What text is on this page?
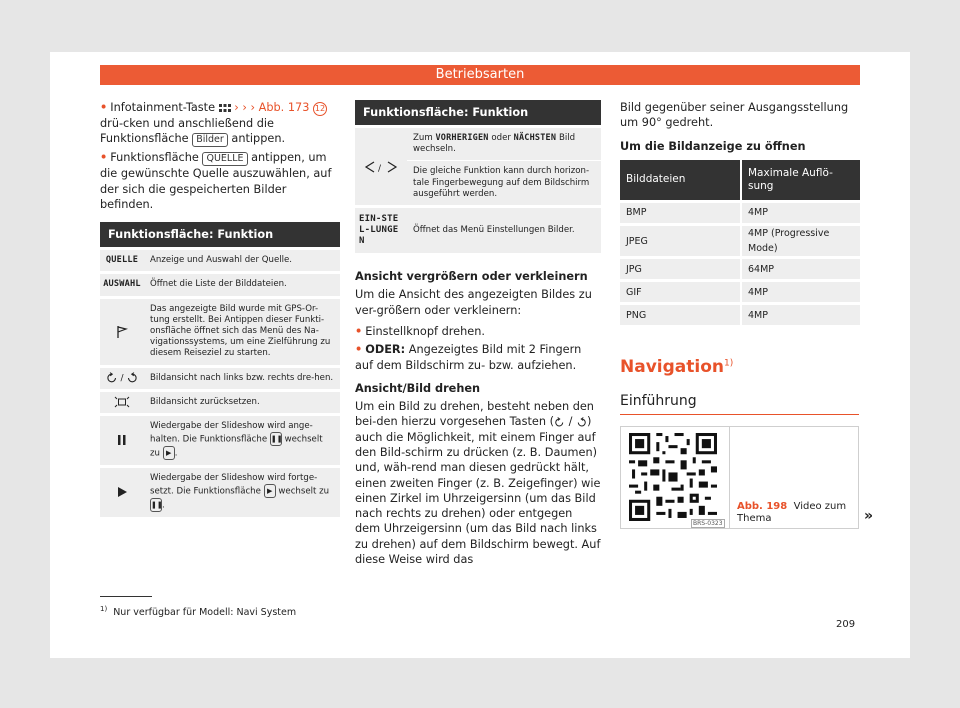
Betriebsarten

• Infotainment-Taste › › › Abb. 173 12 drü-cken und anschließend die Funktionsfläche Bilder antippen.

• Funktionsfläche QUELLE antippen, um die gewünschte Quelle auszuwählen, auf der sich die gespeicherten Bilder befinden.

Funktionsfläche: Funktion	
QUELLE	Anzeige und Auswahl der Quelle.
AUSWAHL	Öffnet die Liste der Bilddateien.
	Das angezeigte Bild wurde mit GPS-Or-tung erstellt. Bei Antippen dieser Funkti-onsfläche öffnet sich das Menü des Na-vigationssystems, um eine Zielführung zu diesem Reiseziel zu starten.
/	Bildansicht nach links bzw. rechts dre-hen.
	Bildansicht zurücksetzen.
	Wiedergabe der Slideshow wird ange-halten. Die Funktionsfläche ❚❚ wechselt zu ▶ .
	Wiedergabe der Slideshow wird fortge-setzt. Die Funktionsfläche ▶ wechselt zu ❚❚.
Funktionsfläche: Funktion	

/	Zum VORHERIGEN oder NÄCHSTEN Bild wechseln.
	Die gleiche Funktion kann durch horizon-tale Fingerbewegung auf dem Bildschirm ausgeführt werden.
EIN-STEL-LUNGEN	Öffnet das Menü Einstellungen Bilder.
Ansicht vergrößern oder verkleinern

Um die Ansicht des angezeigten Bildes zu ver-größern oder verkleinern:

• Einstellknopf drehen.

• ODER: Angezeigtes Bild mit 2 Fingern auf dem Bildschirm zu- bzw. aufziehen.

Ansicht/Bild drehen

Um ein Bild zu drehen, besteht neben den bei-den hierzu vorgesehen Tasten ( / ) auch die Möglichkeit, mit einem Finger auf den Bild-schirm zu drücken (z. B. Daumen) und, wäh-rend man diesen gedrückt hält, einen zweiten Finger (z. B. Zeigefinger) wie einen Zirkel im Uhrzeigersinn (um das Bild nach rechts zu drehen) oder entgegen dem Uhrzeigersinn (um das Bild nach links zu drehen) auf dem Bildschirm bewegt. Auf diese Weise wird das

Bild gegenüber seiner Ausgangsstellung um 90° gedreht.

Um die Bildanzeige zu öffnen
Bilddateien	Maximale Auflö-sung
BMP	4MP
JPEG	4MP (Progressive Mode)
JPG	64MP
GIF	4MP
PNG	4MP
Navigation$^{1)}$
Einführung
BRS-0323
Abb. 198 Video zum Thema	»
$^{1)}$ Nur verfügbar für Modell: Navi System
209
